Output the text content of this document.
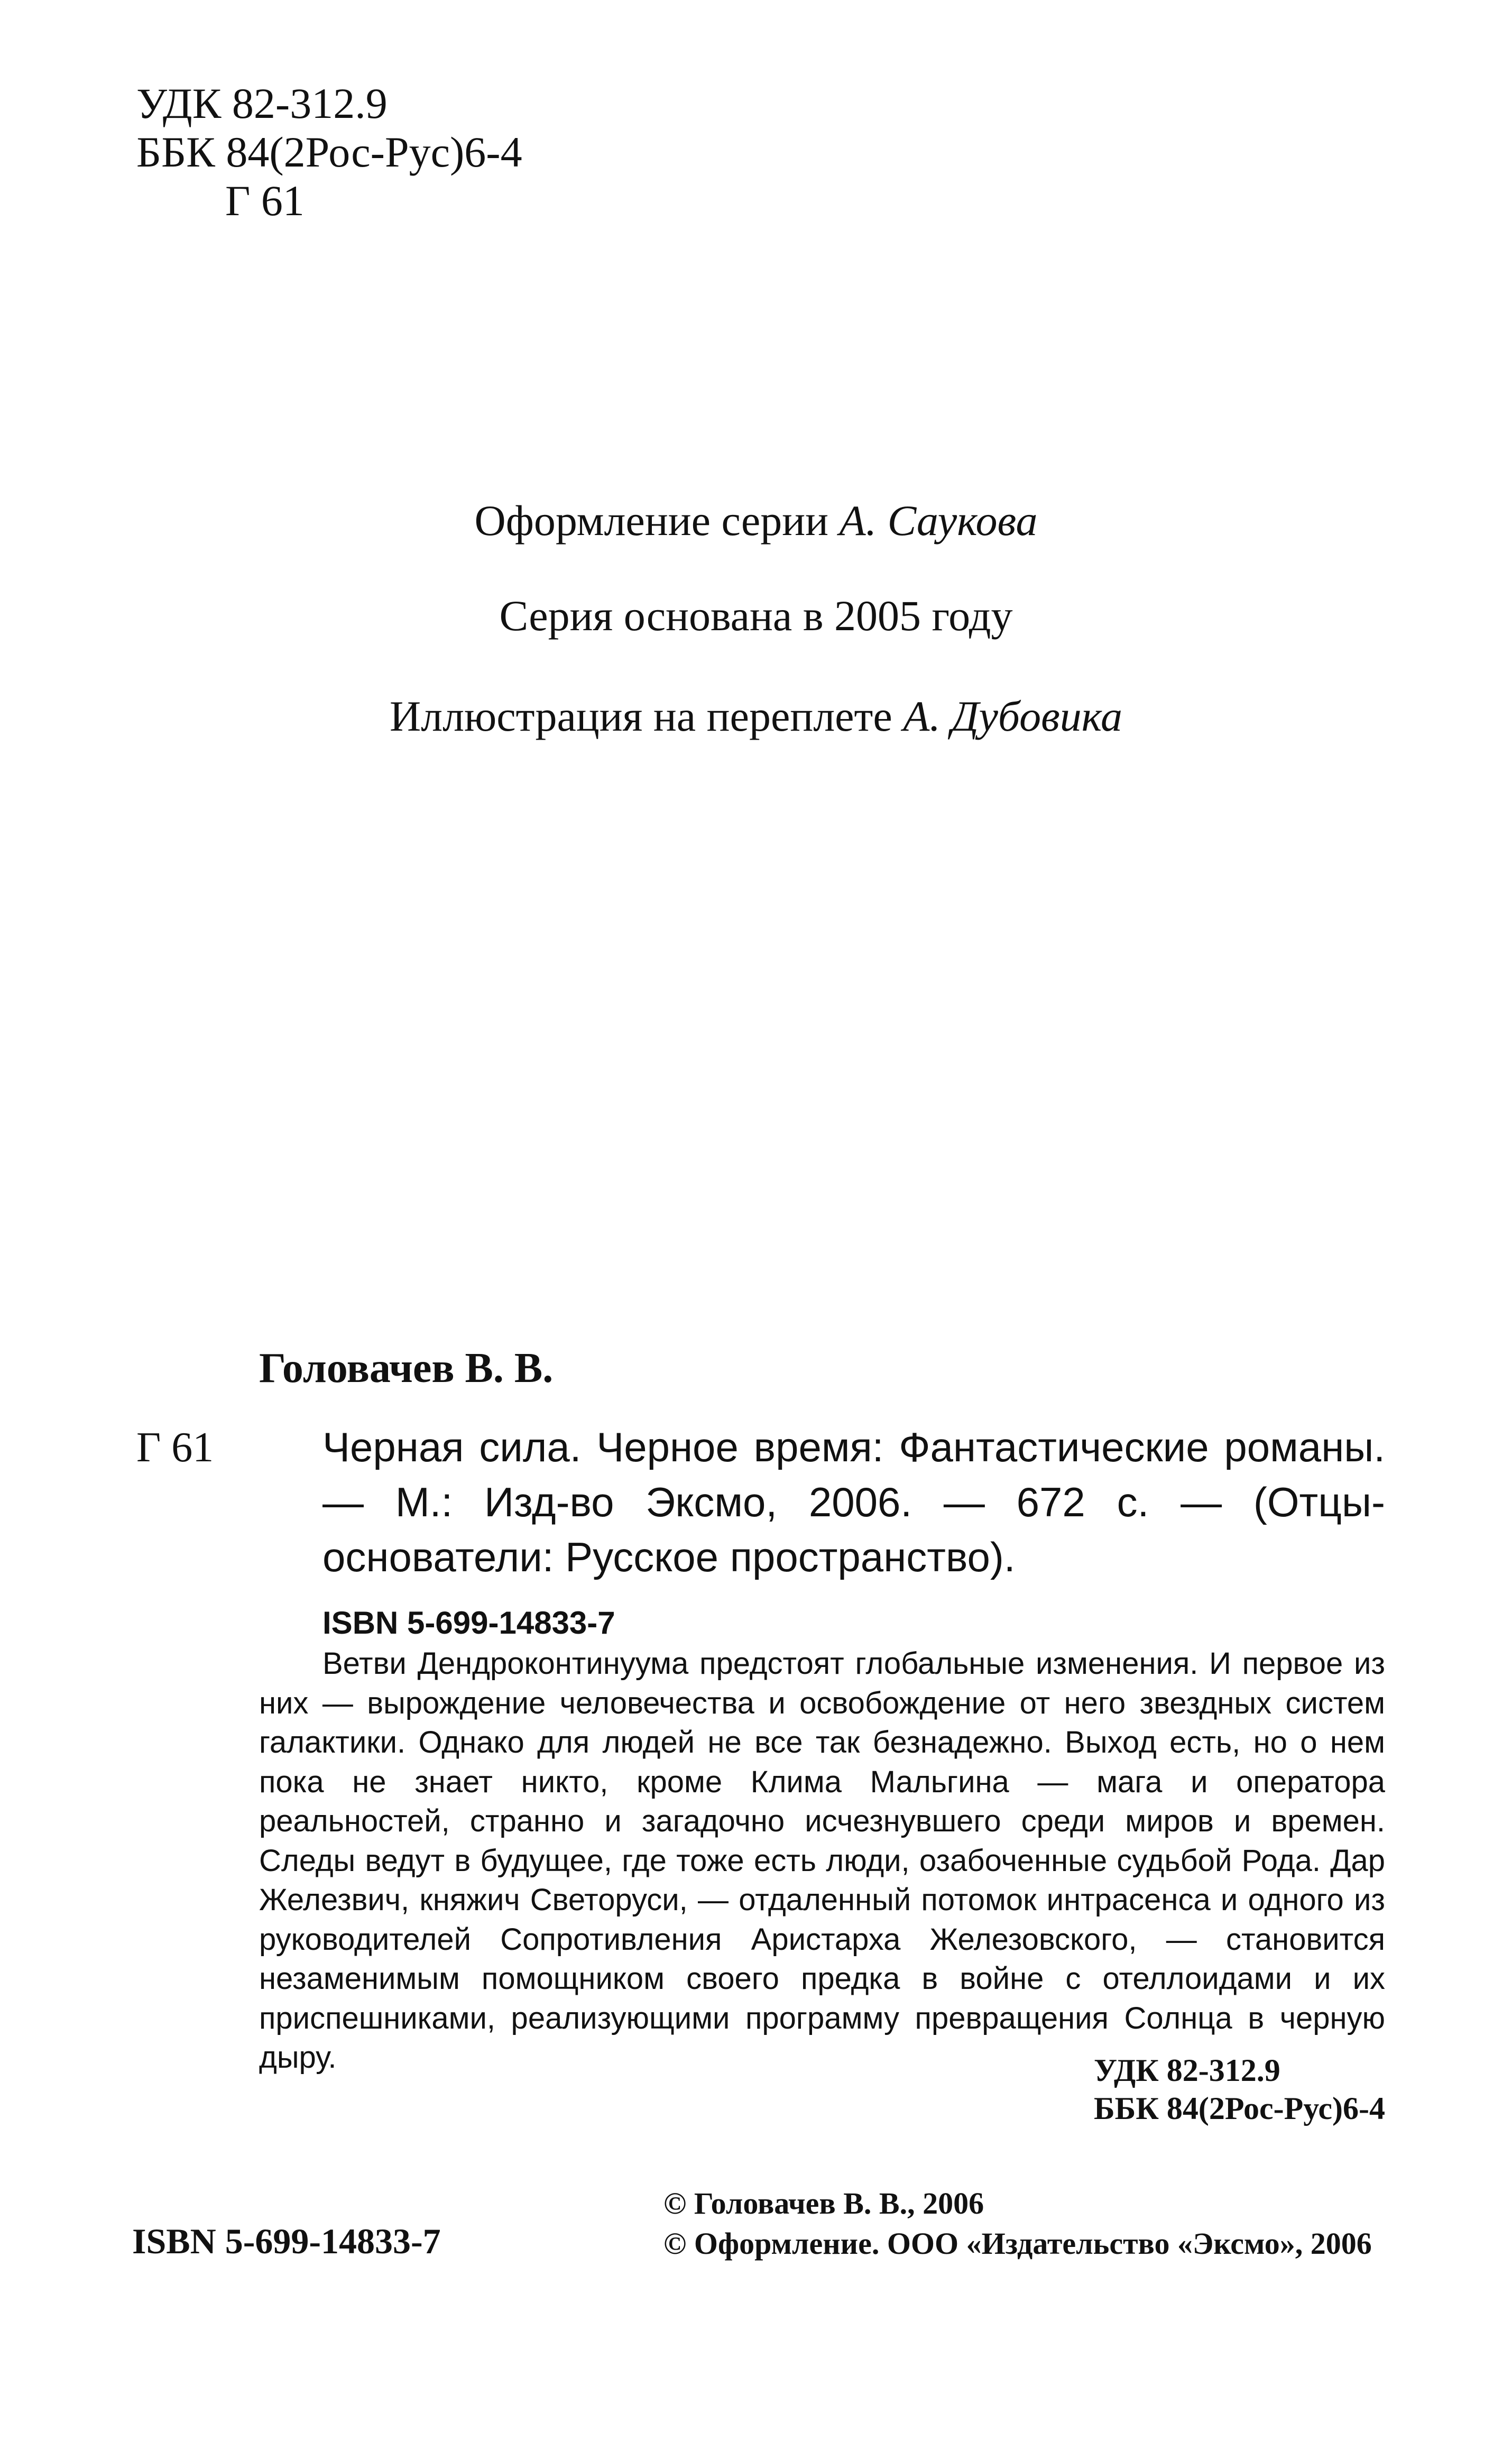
УДК 82-312.9
ББК 84(2Рос-Рус)6-4
Г 61

Оформление серии А. Саукова

Серия основана в 2005 году

Иллюстрация на переплете А. Дубовика

Головачев В. В.

Г 61	Черная сила. Черное время: Фантастические романы. — М.: Изд-во Эксмо, 2006. — 672 с. — (Отцы-основатели: Русское пространство).

ISBN 5-699-14833-7

Ветви Дендроконтинуума предстоят глобальные изменения. И первое из них — вырождение человечества и освобождение от него звездных систем галактики. Однако для людей не все так безнадежно. Выход есть, но о нем пока не знает никто, кроме Клима Мальгина — мага и оператора реальностей, странно и загадочно исчезнувшего среди миров и времен. Следы ведут в будущее, где тоже есть люди, озабоченные судьбой Рода. Дар Железвич, княжич Светоруси, — отдаленный потомок интрасенса и одного из руководителей Сопротивления Аристарха Железовского, — становится незаменимым помощником своего предка в войне с отеллоидами и их приспешниками, реализующими программу превращения Солнца в черную дыру.	УДК 82-312.9
ББК 84(2Рос-Рус)6-4

ISBN 5-699-14833-7

© Головачев В. В., 2006
© Оформление. ООО «Издательство «Эксмо», 2006
